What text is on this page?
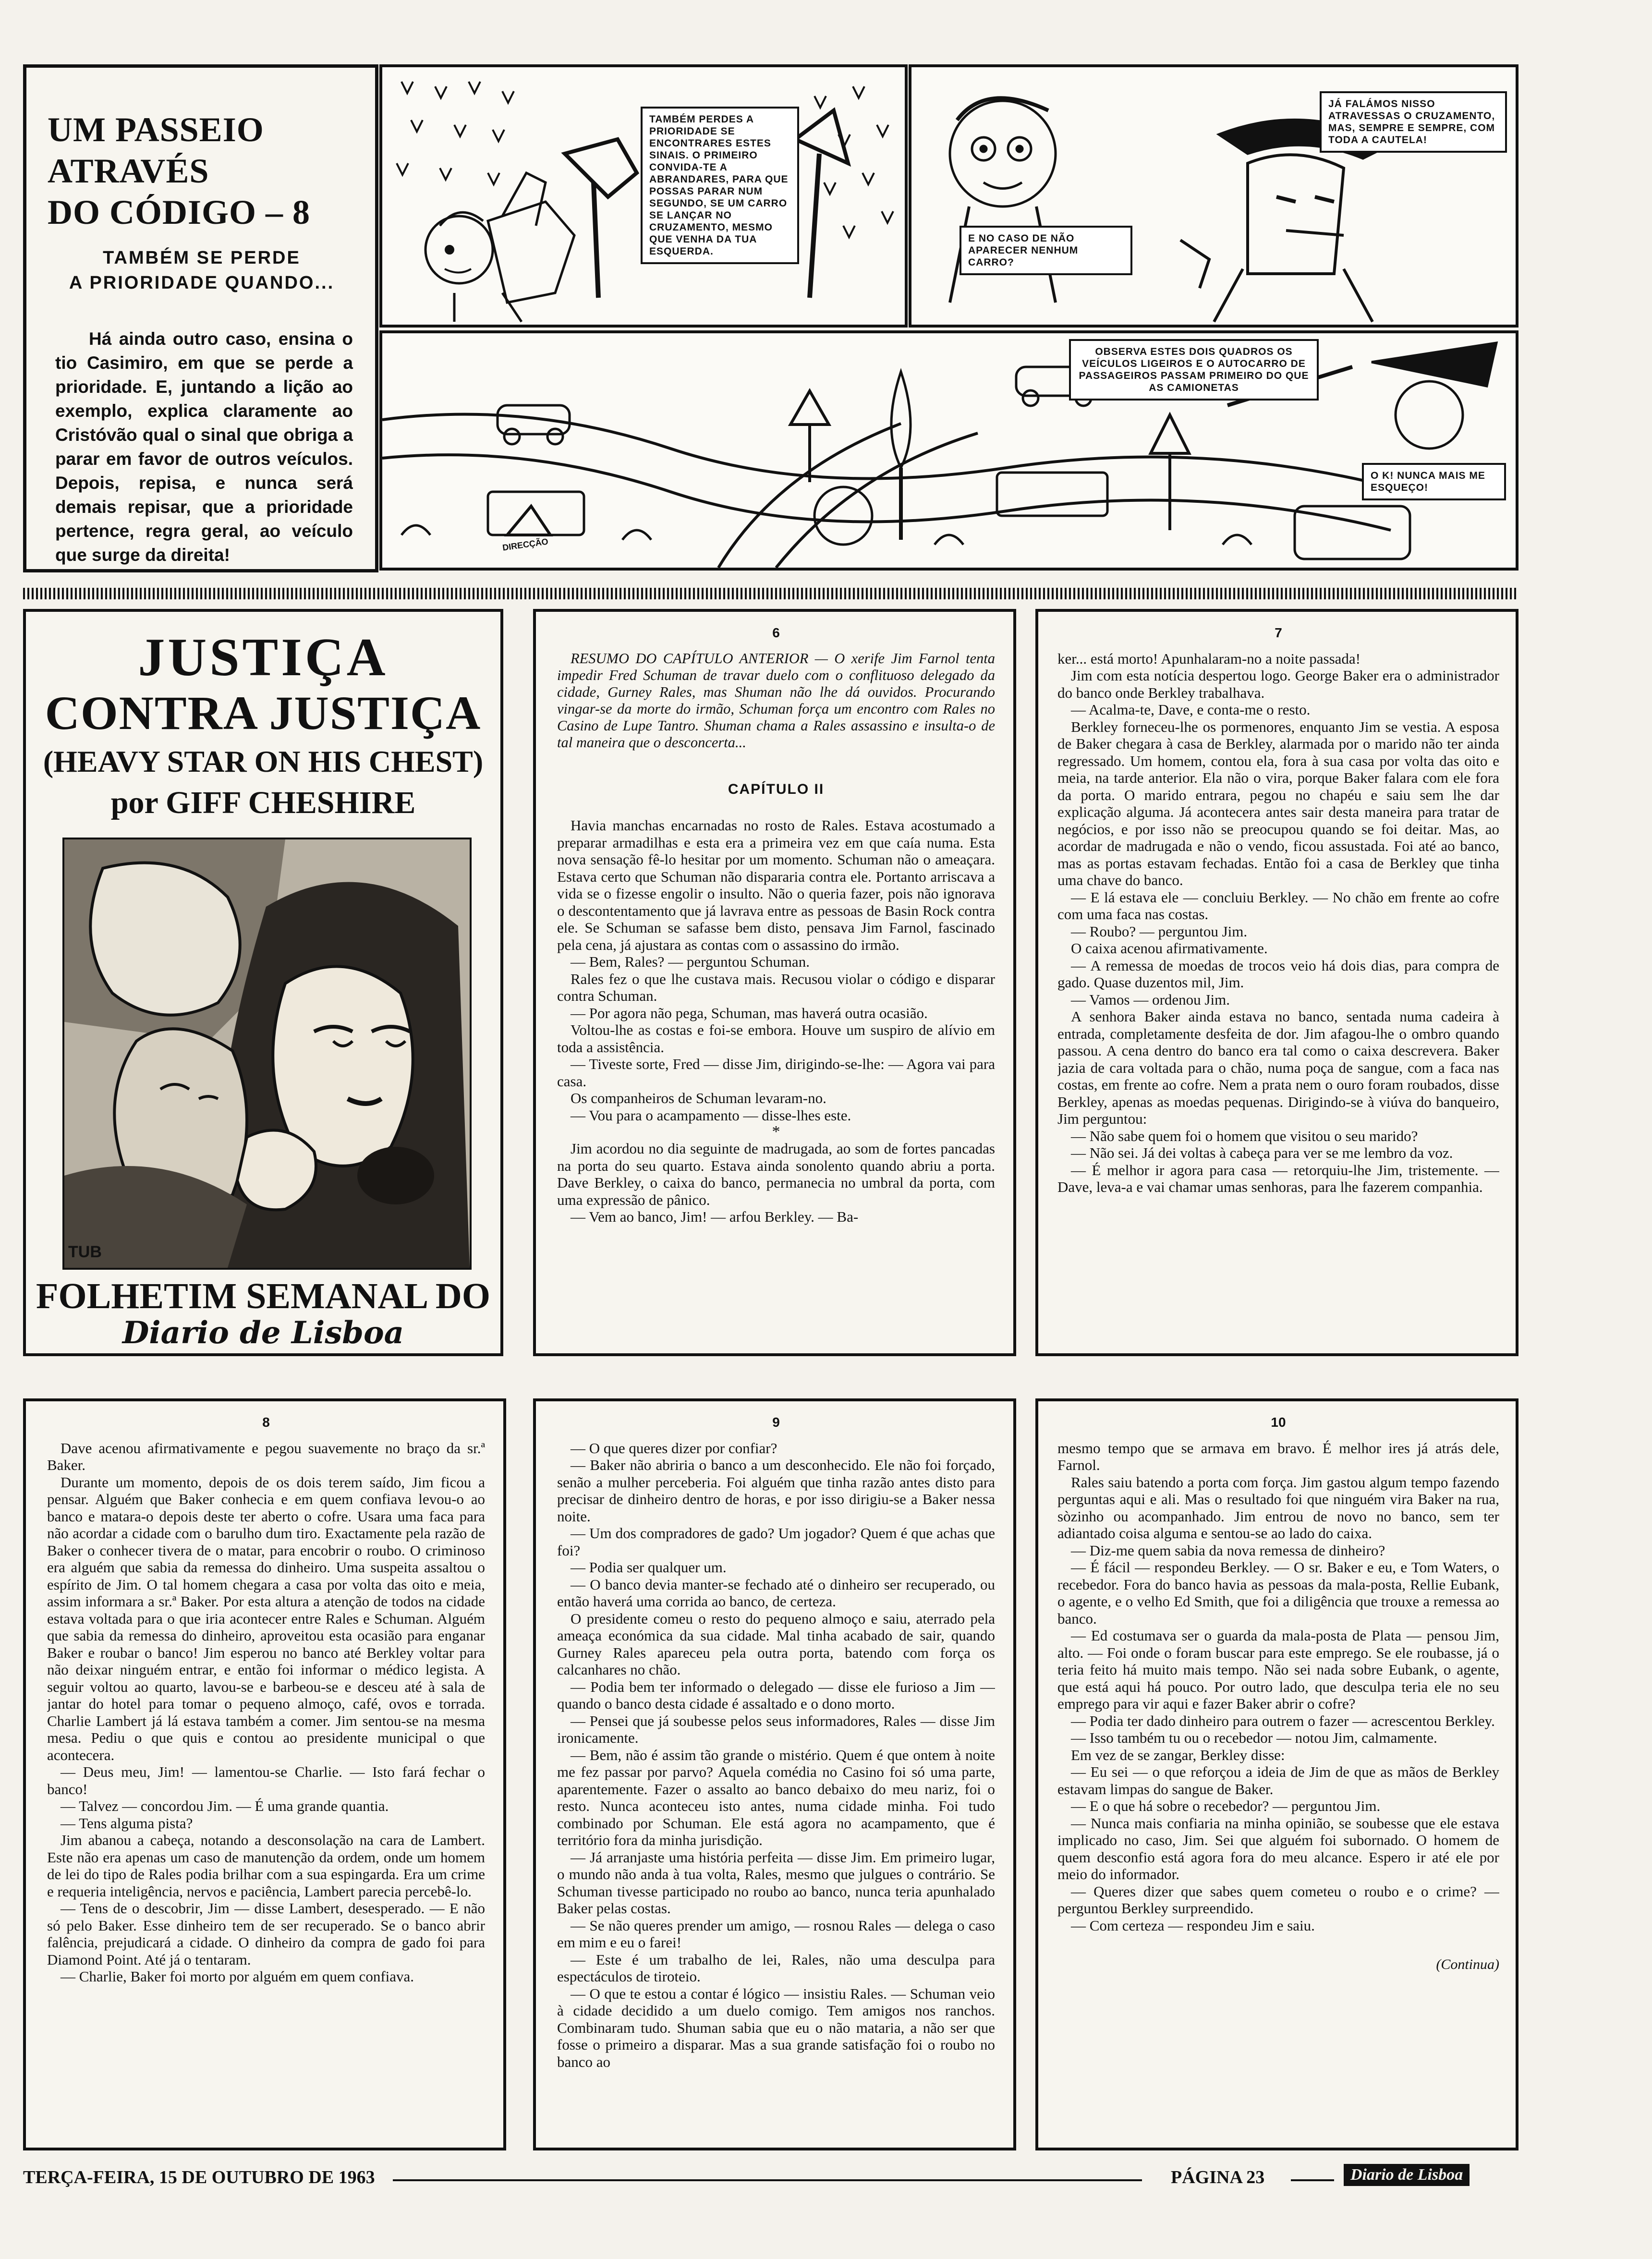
UM PASSEIO ATRAVÉS
DO CÓDIGO – 8
TAMBÉM SE PERDE
A PRIORIDADE QUANDO...
Há ainda outro caso, ensina o tio Casimiro, em que se perde a prioridade. E, juntando a lição ao exemplo, explica claramente ao Cristóvão qual o sinal que obriga a parar em favor de outros veículos. Depois, repisa, e nunca será demais repisar, que a prioridade pertence, regra geral, ao veículo que surge da direita!
TAMBÉM PERDES A PRIORIDADE SE ENCONTRARES ESTES SINAIS. O PRIMEIRO CONVIDA-TE A ABRANDARES, PARA QUE POSSAS PARAR NUM SEGUNDO, SE UM CARRO SE LANÇAR NO CRUZAMENTO, MESMO QUE VENHA DA TUA ESQUERDA.
E NO CASO DE NÃO APARECER NENHUM CARRO?
JÁ FALÁMOS NISSO ATRAVESSAS O CRUZAMENTO, MAS, SEMPRE E SEMPRE, COM TODA A CAUTELA!
OBSERVA ESTES DOIS QUADROS OS VEÍCULOS LIGEIROS E O AUTOCARRO DE PASSAGEIROS PASSAM PRIMEIRO DO QUE AS CAMIONETAS
O K! NUNCA MAIS ME ESQUEÇO!
DIRECÇÃO
JUSTIÇA
CONTRA JUSTIÇA
(HEAVY STAR ON HIS CHEST)
por GIFF CHESHIRE
TUB
FOLHETIM SEMANAL DO
Diario de Lisboa
6

RESUMO DO CAPÍTULO ANTERIOR — O xerife Jim Farnol tenta impedir Fred Schuman de travar duelo com o conflituoso delegado da cidade, Gurney Rales, mas Shuman não lhe dá ouvidos. Procurando vingar-se da morte do irmão, Schuman força um encontro com Rales no Casino de Lupe Tantro. Shuman chama a Rales assassino e insulta-o de tal maneira que o desconcerta...

CAPÍTULO II

Havia manchas encarnadas no rosto de Rales. Estava acostumado a preparar armadilhas e esta era a primeira vez em que caía numa. Esta nova sensação fê-lo hesitar por um momento. Schuman não o ameaçara. Estava certo que Schuman não dispararia contra ele. Portanto arriscava a vida se o fizesse engolir o insulto. Não o queria fazer, pois não ignorava o descontentamento que já lavrava entre as pessoas de Basin Rock contra ele. Se Schuman se safasse bem disto, pensava Jim Farnol, fascinado pela cena, já ajustara as contas com o assassino do irmão.

— Bem, Rales? — perguntou Schuman.

Rales fez o que lhe custava mais. Recusou violar o código e disparar contra Schuman.

— Por agora não pega, Schuman, mas haverá outra ocasião.

Voltou-lhe as costas e foi-se embora. Houve um suspiro de alívio em toda a assistência.

— Tiveste sorte, Fred — disse Jim, dirigindo-se-lhe: — Agora vai para casa.

Os companheiros de Schuman levaram-no.

— Vou para o acampamento — disse-lhes este.

*

Jim acordou no dia seguinte de madrugada, ao som de fortes pancadas na porta do seu quarto. Estava ainda sonolento quando abriu a porta. Dave Berkley, o caixa do banco, permanecia no umbral da porta, com uma expressão de pânico.

— Vem ao banco, Jim! — arfou Berkley. — Ba-

7

ker... está morto! Apunhalaram-no a noite passada!

Jim com esta notícia despertou logo. George Baker era o administrador do banco onde Berkley trabalhava.

— Acalma-te, Dave, e conta-me o resto.

Berkley forneceu-lhe os pormenores, enquanto Jim se vestia. A esposa de Baker chegara à casa de Berkley, alarmada por o marido não ter ainda regressado. Um homem, contou ela, fora à sua casa por volta das oito e meia, na tarde anterior. Ela não o vira, porque Baker falara com ele fora da porta. O marido entrara, pegou no chapéu e saiu sem lhe dar explicação alguma. Já acontecera antes sair desta maneira para tratar de negócios, e por isso não se preocupou quando se foi deitar. Mas, ao acordar de madrugada e não o vendo, ficou assustada. Foi até ao banco, mas as portas estavam fechadas. Então foi a casa de Berkley que tinha uma chave do banco.

— E lá estava ele — concluiu Berkley. — No chão em frente ao cofre com uma faca nas costas.

— Roubo? — perguntou Jim.

O caixa acenou afirmativamente.

— A remessa de moedas de trocos veio há dois dias, para compra de gado. Quase duzentos mil, Jim.

— Vamos — ordenou Jim.

A senhora Baker ainda estava no banco, sentada numa cadeira à entrada, completamente desfeita de dor. Jim afagou-lhe o ombro quando passou. A cena dentro do banco era tal como o caixa descrevera. Baker jazia de cara voltada para o chão, numa poça de sangue, com a faca nas costas, em frente ao cofre. Nem a prata nem o ouro foram roubados, disse Berkley, apenas as moedas pequenas. Dirigindo-se à viúva do banqueiro, Jim perguntou:

— Não sabe quem foi o homem que visitou o seu marido?

— Não sei. Já dei voltas à cabeça para ver se me lembro da voz.

— É melhor ir agora para casa — retorquiu-lhe Jim, tristemente. — Dave, leva-a e vai chamar umas senhoras, para lhe fazerem companhia.

8

Dave acenou afirmativamente e pegou suavemente no braço da sr.ª Baker.

Durante um momento, depois de os dois terem saído, Jim ficou a pensar. Alguém que Baker conhecia e em quem confiava levou-o ao banco e matara-o depois deste ter aberto o cofre. Usara uma faca para não acordar a cidade com o barulho dum tiro. Exactamente pela razão de Baker o conhecer tivera de o matar, para encobrir o roubo. O criminoso era alguém que sabia da remessa do dinheiro. Uma suspeita assaltou o espírito de Jim. O tal homem chegara a casa por volta das oito e meia, assim informara a sr.ª Baker. Por esta altura a atenção de todos na cidade estava voltada para o que iria acontecer entre Rales e Schuman. Alguém que sabia da remessa do dinheiro, aproveitou esta ocasião para enganar Baker e roubar o banco! Jim esperou no banco até Berkley voltar para não deixar ninguém entrar, e então foi informar o médico legista. A seguir voltou ao quarto, lavou-se e barbeou-se e desceu até à sala de jantar do hotel para tomar o pequeno almoço, café, ovos e torrada. Charlie Lambert já lá estava também a comer. Jim sentou-se na mesma mesa. Pediu o que quis e contou ao presidente municipal o que acontecera.

— Deus meu, Jim! — lamentou-se Charlie. — Isto fará fechar o banco!

— Talvez — concordou Jim. — É uma grande quantia.

— Tens alguma pista?

Jim abanou a cabeça, notando a desconsolação na cara de Lambert. Este não era apenas um caso de manutenção da ordem, onde um homem de lei do tipo de Rales podia brilhar com a sua espingarda. Era um crime e requeria inteligência, nervos e paciência, Lambert parecia percebê-lo.

— Tens de o descobrir, Jim — disse Lambert, desesperado. — E não só pelo Baker. Esse dinheiro tem de ser recuperado. Se o banco abrir falência, prejudicará a cidade. O dinheiro da compra de gado foi para Diamond Point. Até já o tentaram.

— Charlie, Baker foi morto por alguém em quem confiava.

9

— O que queres dizer por confiar?

— Baker não abriria o banco a um desconhecido. Ele não foi forçado, senão a mulher perceberia. Foi alguém que tinha razão antes disto para precisar de dinheiro dentro de horas, e por isso dirigiu-se a Baker nessa noite.

— Um dos compradores de gado? Um jogador? Quem é que achas que foi?

— Podia ser qualquer um.

— O banco devia manter-se fechado até o dinheiro ser recuperado, ou então haverá uma corrida ao banco, de certeza.

O presidente comeu o resto do pequeno almoço e saiu, aterrado pela ameaça económica da sua cidade. Mal tinha acabado de sair, quando Gurney Rales apareceu pela outra porta, batendo com força os calcanhares no chão.

— Podia bem ter informado o delegado — disse ele furioso a Jim — quando o banco desta cidade é assaltado e o dono morto.

— Pensei que já soubesse pelos seus informadores, Rales — disse Jim ironicamente.

— Bem, não é assim tão grande o mistério. Quem é que ontem à noite me fez passar por parvo? Aquela comédia no Casino foi só uma parte, aparentemente. Fazer o assalto ao banco debaixo do meu nariz, foi o resto. Nunca aconteceu isto antes, numa cidade minha. Foi tudo combinado por Schuman. Ele está agora no acampamento, que é território fora da minha jurisdição.

— Já arranjaste uma história perfeita — disse Jim. Em primeiro lugar, o mundo não anda à tua volta, Rales, mesmo que julgues o contrário. Se Schuman tivesse participado no roubo ao banco, nunca teria apunhalado Baker pelas costas.

— Se não queres prender um amigo, — rosnou Rales — delega o caso em mim e eu o farei!

— Este é um trabalho de lei, Rales, não uma desculpa para espectáculos de tiroteio.

— O que te estou a contar é lógico — insistiu Rales. — Schuman veio à cidade decidido a um duelo comigo. Tem amigos nos ranchos. Combinaram tudo. Shuman sabia que eu o não mataria, a não ser que fosse o primeiro a disparar. Mas a sua grande satisfação foi o roubo no banco ao

10

mesmo tempo que se armava em bravo. É melhor ires já atrás dele, Farnol.

Rales saiu batendo a porta com força. Jim gastou algum tempo fazendo perguntas aqui e ali. Mas o resultado foi que ninguém vira Baker na rua, sòzinho ou acompanhado. Jim entrou de novo no banco, sem ter adiantado coisa alguma e sentou-se ao lado do caixa.

— Diz-me quem sabia da nova remessa de dinheiro?

— É fácil — respondeu Berkley. — O sr. Baker e eu, e Tom Waters, o recebedor. Fora do banco havia as pessoas da mala-posta, Rellie Eubank, o agente, e o velho Ed Smith, que foi a diligência que trouxe a remessa ao banco.

— Ed costumava ser o guarda da mala-posta de Plata — pensou Jim, alto. — Foi onde o foram buscar para este emprego. Se ele roubasse, já o teria feito há muito mais tempo. Não sei nada sobre Eubank, o agente, que está aqui há pouco. Por outro lado, que desculpa teria ele no seu emprego para vir aqui e fazer Baker abrir o cofre?

— Podia ter dado dinheiro para outrem o fazer — acrescentou Berkley.

— Isso também tu ou o recebedor — notou Jim, calmamente.

Em vez de se zangar, Berkley disse:

— Eu sei — o que reforçou a ideia de Jim de que as mãos de Berkley estavam limpas do sangue de Baker.

— E o que há sobre o recebedor? — perguntou Jim.

— Nunca mais confiaria na minha opinião, se soubesse que ele estava implicado no caso, Jim. Sei que alguém foi subornado. O homem de quem desconfio está agora fora do meu alcance. Espero ir até ele por meio do informador.

— Queres dizer que sabes quem cometeu o roubo e o crime? — perguntou Berkley surpreendido.

— Com certeza — respondeu Jim e saiu.

(Continua)
TERÇA-FEIRA, 15 DE OUTUBRO DE 1963	PÁGINA 23	Diario de Lisboa
